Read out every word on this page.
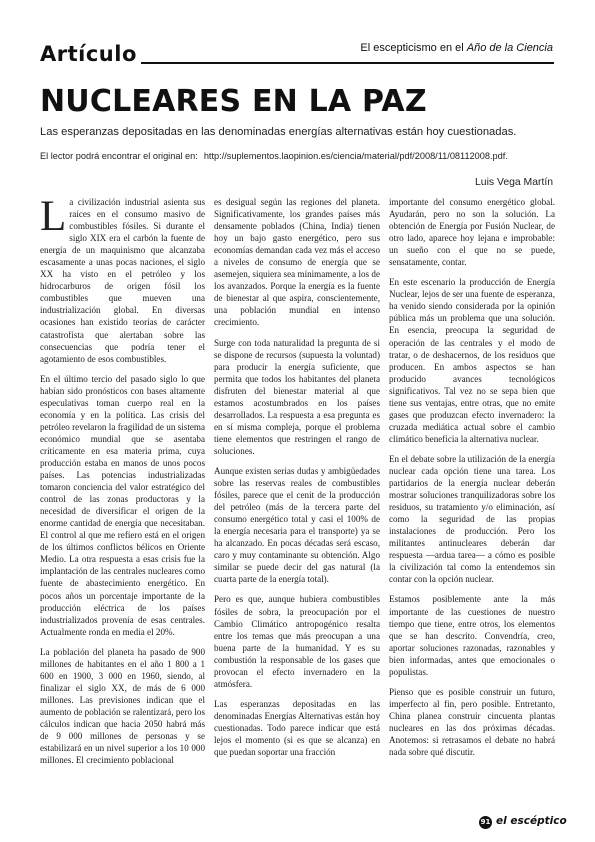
Artículo	El escepticismo en el Año de la Ciencia
NUCLEARES EN LA PAZ
Las esperanzas depositadas en las denominadas energías alternativas están hoy cuestionadas.
El lector podrá encontrar el original en: http://suplementos.laopinion.es/ciencia/material/pdf/2008/11/08112008.pdf.
Luis Vega Martín

La civilización industrial asienta sus raíces en el consumo masivo de combustibles fósiles. Si durante el siglo XIX era el carbón la fuente de energía de un maquinismo que alcanzaba escasamente a unas pocas naciones, el siglo XX ha visto en el petróleo y los hidrocarburos de origen fósil los combustibles que mueven una industrialización global. En diversas ocasiones han existido teorías de carácter catastrofista que alertaban sobre las consecuencias que podría tener el agotamiento de esos combustibles.

En el último tercio del pasado siglo lo que habían sido pronósticos con bases altamente especulativas toman cuerpo real en la economía y en la política. Las crisis del petróleo revelaron la fragilidad de un sistema económico mundial que se asentaba críticamente en esa materia prima, cuya producción estaba en manos de unos pocos países. Las potencias industrializadas tomaron conciencia del valor estratégico del control de las zonas productoras y la necesidad de diversificar el origen de la enorme cantidad de energía que necesitaban. El control al que me refiero está en el origen de los últimos conflictos bélicos en Oriente Medio. La otra respuesta a esas crisis fue la implantación de las centrales nucleares como fuente de abastecimiento energético. En pocos años un porcentaje importante de la producción eléctrica de los países industrializados provenía de esas centrales. Actualmente ronda en media el 20%.

La población del planeta ha pasado de 900 millones de habitantes en el año 1 800 a 1 600 en 1900, 3 000 en 1960, siendo, al finalizar el siglo XX, de más de 6 000 millones. Las previsiones indican que el aumento de población se ralentizará, pero los cálculos indican que hacia 2050 habrá más de 9 000 millones de personas y se estabilizará en un nivel superior a los 10 000 millones. El crecimiento poblacional

es desigual según las regiones del planeta. Significativamente, los grandes países más densamente poblados (China, India) tienen hoy un bajo gasto energético, pero sus economías demandan cada vez más el acceso a niveles de consumo de energía que se asemejen, siquiera sea mínimamente, a los de los avanzados. Porque la energía es la fuente de bienestar al que aspira, conscientemente, una población mundial en intenso crecimiento.

Surge con toda naturalidad la pregunta de si se dispone de recursos (supuesta la voluntad) para producir la energía suficiente, que permita que todos los habitantes del planeta disfruten del bienestar material al que estamos acostumbrados en los países desarrollados. La respuesta a esa pregunta es en sí misma compleja, porque el problema tiene elementos que restringen el rango de soluciones.

Aunque existen serias dudas y ambigüedades sobre las reservas reales de combustibles fósiles, parece que el cenit de la producción del petróleo (más de la tercera parte del consumo energético total y casi el 100% de la energía necesaria para el transporte) ya se ha alcanzado. En pocas décadas será escaso, caro y muy contaminante su obtención. Algo similar se puede decir del gas natural (la cuarta parte de la energía total).

Pero es que, aunque hubiera combustibles fósiles de sobra, la preocupación por el Cambio Climático antropogénico resalta entre los temas que más preocupan a una buena parte de la humanidad. Y es su combustión la responsable de los gases que provocan el efecto invernadero en la atmósfera.

Las esperanzas depositadas en las denominadas Energías Alternativas están hoy cuestionadas. Todo parece indicar que está lejos el momento (si es que se alcanza) en que puedan soportar una fracción

importante del consumo energético global. Ayudarán, pero no son la solución. La obtención de Energía por Fusión Nuclear, de otro lado, aparece hoy lejana e improbable: un sueño con el que no se puede, sensatamente, contar.

En este escenario la producción de Energía Nuclear, lejos de ser una fuente de esperanza, ha venido siendo considerada por la opinión pública más un problema que una solución. En esencia, preocupa la seguridad de operación de las centrales y el modo de tratar, o de deshacernos, de los residuos que producen. En ambos aspectos se han producido avances tecnológicos significativos. Tal vez no se sepa bien que tiene sus ventajas, entre otras, que no emite gases que produzcan efecto invernadero: la cruzada mediática actual sobre el cambio climático beneficia la alternativa nuclear.

En el debate sobre la utilización de la energía nuclear cada opción tiene una tarea. Los partidarios de la energía nuclear deberán mostrar soluciones tranquilizadoras sobre los residuos, su tratamiento y/o eliminación, así como la seguridad de las propias instalaciones de producción. Pero los militantes antinucleares deberán dar respuesta —ardua tarea— a cómo es posible la civilización tal como la entendemos sin contar con la opción nuclear.

Estamos posiblemente ante la más importante de las cuestiones de nuestro tiempo que tiene, entre otros, los elementos que se han descrito. Convendría, creo, aportar soluciones razonadas, razonables y bien informadas, antes que emocionales o populistas.

Pienso que es posible construir un futuro, imperfecto al fin, pero posible. Entretanto, China planea construir cincuenta plantas nucleares en las dos próximas décadas. Anotemos: si retrasamos el debate no habrá nada sobre qué discutir.

91 el escéptico
